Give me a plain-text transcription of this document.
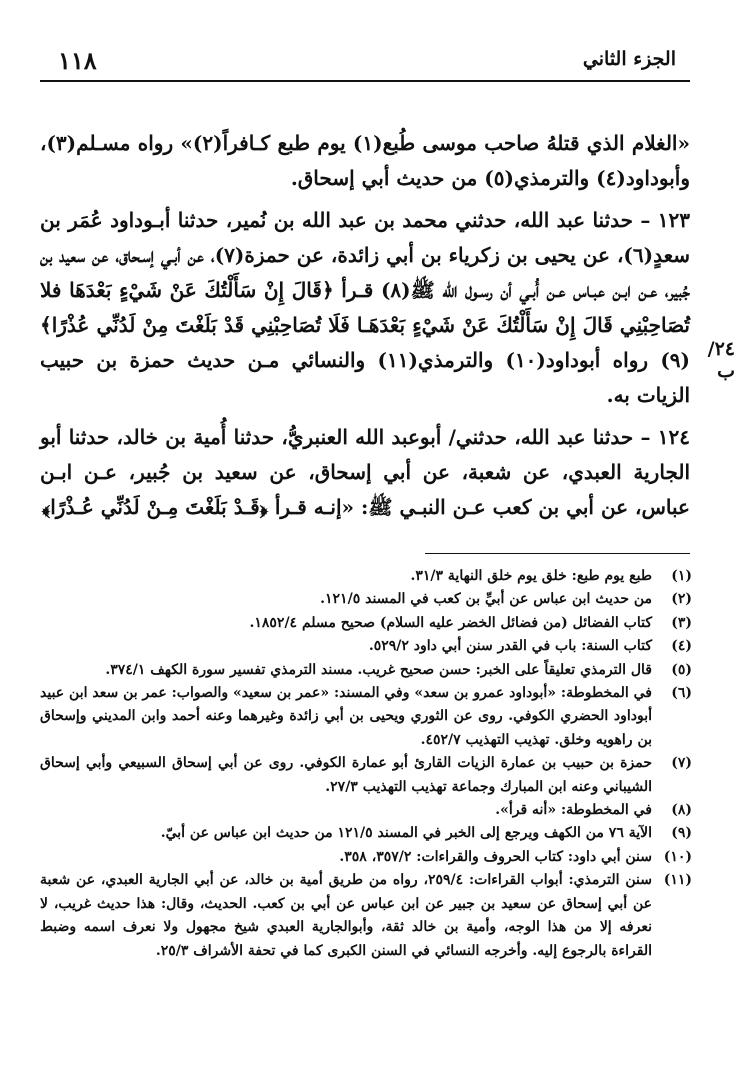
١١٨	الجزء الثاني

«الغلام الذي قتلهُ صاحب موسى طُبع(١) يوم طبع كـافراً(٢)» رواه مسـلم(٣)، وأبوداود(٤) والترمذي(٥) من حديث أبي إسحاق.

١٢٣ – حدثنا عبد الله، حدثني محمد بن عبد الله بن نُمير، حدثنا أبـوداود عُمَر بن سعدٍ(٦)، عن يحيى بن زكرياء بن أبي زائدة، عن حمزة(٧)، عن أبـي إسـحاق، عن سعيد بن جُبير، عـن ابـن عبـاس عـن أُبـي أن رسـول الله ﷺ(٨) قـرأ ﴿قَالَ إِنْ سَأَلْتُكَ عَنْ شَيْءٍ بَعْدَهَا فلا تُصَاحِبْنِي قَالَ إِنْ سَأَلْتُكَ عَنْ شَيْءٍ بَعْدَهَـا فَلَا تُصَاحِبْنِي قَدْ بَلَغْتَ مِنْ لَدُنِّي عُذْرًا﴾(٩) رواه أبوداود(١٠) والترمذي(١١) والنسائي مـن حديث حمزة بن حبيب الزيات به.

١٢٤ – حدثنا عبد الله، حدثني/ أبوعبد الله العنبريُّ، حدثنا أُمية بن خالد، حدثنا أبو الجارية العبدي، عن شعبة، عن أبي إسحاق، عن سعيد بن جُبير، عـن ابـن عباس، عن أبي بن كعب عـن النبـي ﷺ: «إنـه قـرأ ﴿قَـدْ بَلَغْتَ مِـنْ لَدُنِّي عُـذْرًا﴾

٢٤/ب
(١)
طبع يوم طبع: خلق يوم خلق النهاية ٣١/٣.
(٢)
من حديث ابن عباس عن أبيِّ بن كعب في المسند ١٢١/٥.
(٣)
كتاب الفضائل (من فضائل الخضر عليه السلام) صحيح مسلم ١٨٥٢/٤.
(٤)
كتاب السنة: باب في القدر سنن أبي داود ٥٢٩/٢.
(٥)
قال الترمذي تعليقاً على الخبر: حسن صحيح غريب. مسند الترمذي تفسير سورة الكهف ٣٧٤/١.
(٦)
في المخطوطة: «أبوداود عمرو بن سعد» وفي المسند: «عمر بن سعيد» والصواب: عمر بن سعد ابن عبيد أبوداود الحضري الكوفي. روى عن الثوري ويحيى بن أبي زائدة وغيرهما وعنه أحمد وابن المديني وإسحاق بن راهويه وخلق. تهذيب التهذيب ٤٥٢/٧.
(٧)
حمزة بن حبيب بن عمارة الزيات القارئ أبو عمارة الكوفي. روى عن أبي إسحاق السبيعي وأبي إسحاق الشيباني وعنه ابن المبارك وجماعة تهذيب التهذيب ٢٧/٣.
(٨)
في المخطوطة: «أنه قرأ».
(٩)
الآية ٧٦ من الكهف ويرجع إلى الخبر في المسند ١٢١/٥ من حديث ابن عباس عن أبيّ.
(١٠)
سنن أبي داود: كتاب الحروف والقراءات: ٣٥٧/٢، ٣٥٨.
(١١)
سنن الترمذي: أبواب القراءات: ٢٥٩/٤، رواه من طريق أمية بن خالد، عن أبي الجارية العبدي، عن شعبة عن أبي إسحاق عن سعيد بن جبير عن ابن عباس عن أبي بن كعب. الحديث، وقال: هذا حديث غريب، لا نعرفه إلا من هذا الوجه، وأمية بن خالد ثقة، وأبوالجارية العبدي شيخ مجهول ولا نعرف اسمه وضبط القراءة بالرجوع إليه. وأخرجه النسائي في السنن الكبرى كما في تحفة الأشراف ٢٥/٣.
